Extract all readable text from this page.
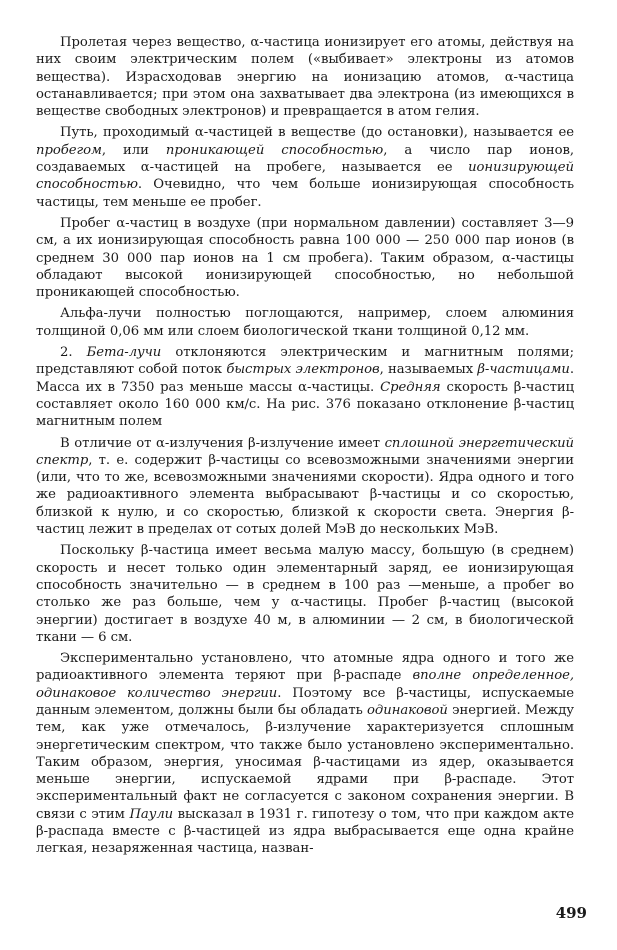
Пролетая через вещество, α-частица ионизирует его атомы, действуя на них своим электрическим полем («выбивает» электроны из атомов вещества). Израсходовав энергию на ионизацию атомов, α-частица останавливается; при этом она захватывает два электрона (из имеющихся в веществе свободных электронов) и превращается в атом гелия.

Путь, проходимый α-частицей в веществе (до остановки), называется ее пробегом, или проникающей способностью, а число пар ионов, создаваемых α-частицей на пробеге, называется ее ионизирующей способностью. Очевидно, что чем больше ионизирующая способность частицы, тем меньше ее пробег.

Пробег α-частиц в воздухе (при нормальном давлении) составляет 3—9 см, а их ионизирующая способность равна 100 000 — 250 000 пар ионов (в среднем 30 000 пар ионов на 1 см пробега). Таким образом, α-частицы обладают высокой ионизирующей способностью, но небольшой проникающей способностью.

Альфа-лучи полностью поглощаются, например, слоем алюминия толщиной 0,06 мм или слоем биологической ткани толщиной 0,12 мм.

2. Бета-лучи отклоняются электрическим и магнитным полями; представляют собой поток быстрых электронов, называемых β-частицами. Масса их в 7350 раз меньше массы α-частицы. Средняя скорость β-частиц составляет около 160 000 км/с. На рис. 376 показано отклонение β-частиц магнитным полем

В отличие от α-излучения β-излучение имеет сплошной энергетический спектр, т. е. содержит β-частицы со всевозможными значениями энергии (или, что то же, всевозможными значениями скорости). Ядра одного и того же радиоактивного элемента выбрасывают β-частицы и со скоростью, близкой к нулю, и со скоростью, близкой к скорости света. Энергия β-частиц лежит в пределах от сотых долей МэВ до нескольких МэВ.

Поскольку β-частица имеет весьма малую массу, большую (в среднем) скорость и несет только один элементарный заряд, ее ионизирующая способность значительно — в среднем в 100 раз —меньше, а пробег во столько же раз больше, чем у α-частицы. Пробег β-частиц (высокой энергии) достигает в воздухе 40 м, в алюминии — 2 см, в биологической ткани — 6 см.

Экспериментально установлено, что атомные ядра одного и того же радиоактивного элемента теряют при β-распаде вполне определенное, одинаковое количество энергии. Поэтому все β-частицы, испускаемые данным элементом, должны были бы обладать одинаковой энергией. Между тем, как уже отмечалось, β-излучение характеризуется сплошным энергетическим спектром, что также было установлено экспериментально. Таким образом, энергия, уносимая β-частицами из ядер, оказывается меньше энергии, испускаемой ядрами при β-распаде. Этот экспериментальный факт не согласуется с законом сохранения энергии. В связи с этим Паули высказал в 1931 г. гипотезу о том, что при каждом акте β-распада вместе с β-частицей из ядра выбрасывается еще одна крайне легкая, незаряженная частица, назван-

499
